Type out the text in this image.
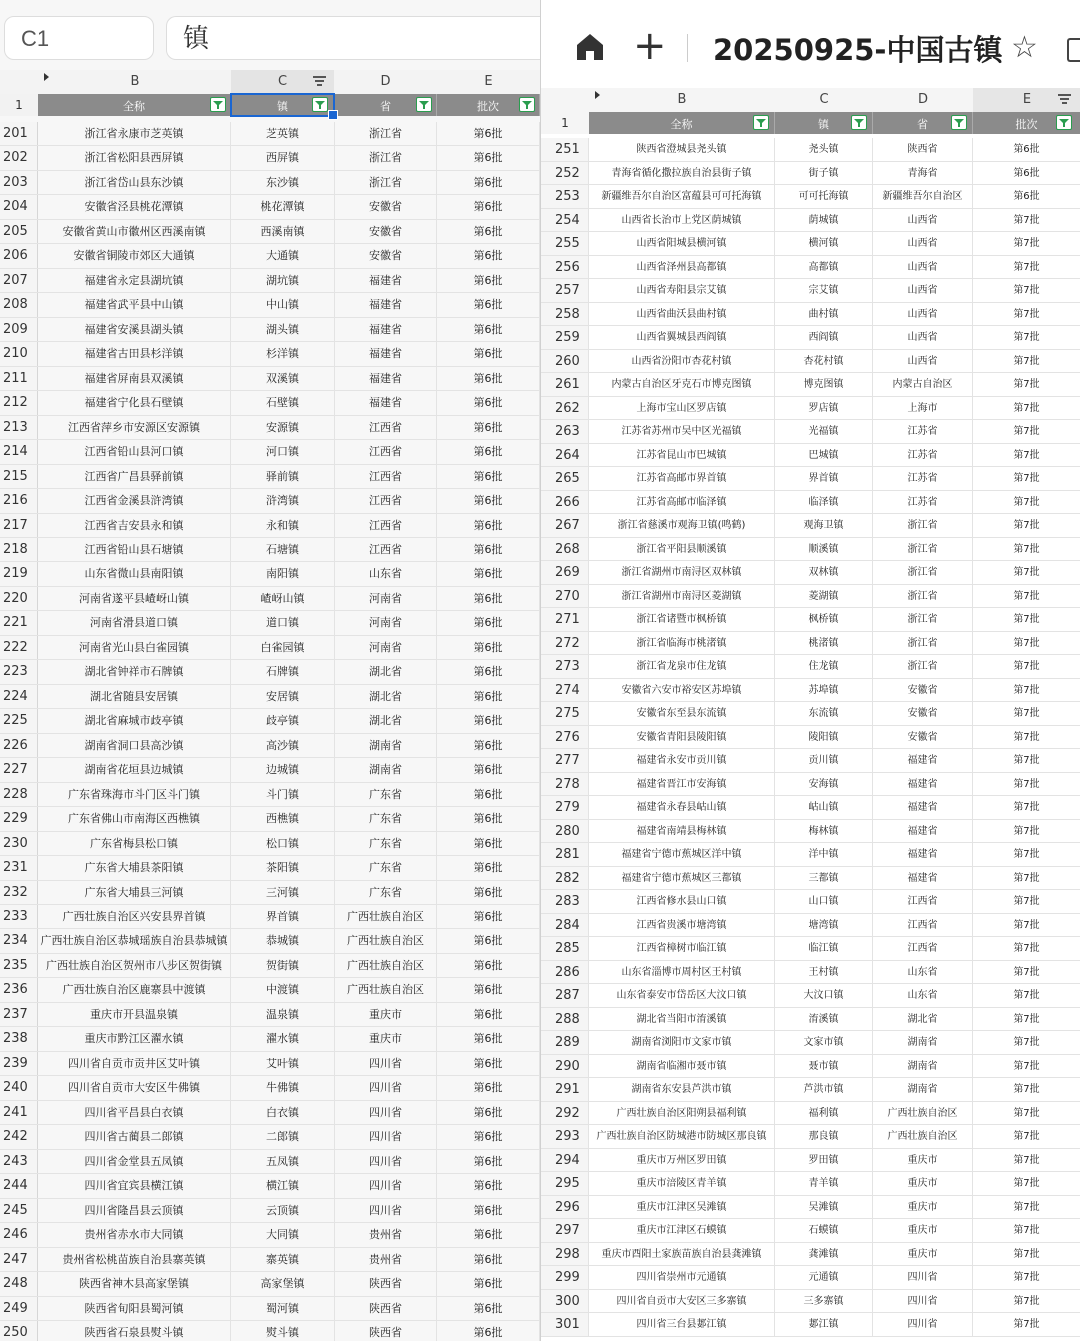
C1	镇
B	C	D	E
1	全称	镇	省	批次
201	浙江省永康市芝英镇	芝英镇	浙江省	第6批
202	浙江省松阳县西屏镇	西屏镇	浙江省	第6批
203	浙江省岱山县东沙镇	东沙镇	浙江省	第6批
204	安徽省泾县桃花潭镇	桃花潭镇	安徽省	第6批
205	安徽省黄山市徽州区西溪南镇	西溪南镇	安徽省	第6批
206	安徽省铜陵市郊区大通镇	大通镇	安徽省	第6批
207	福建省永定县湖坑镇	湖坑镇	福建省	第6批
208	福建省武平县中山镇	中山镇	福建省	第6批
209	福建省安溪县湖头镇	湖头镇	福建省	第6批
210	福建省古田县杉洋镇	杉洋镇	福建省	第6批
211	福建省屏南县双溪镇	双溪镇	福建省	第6批
212	福建省宁化县石壁镇	石壁镇	福建省	第6批
213	江西省萍乡市安源区安源镇	安源镇	江西省	第6批
214	江西省铅山县河口镇	河口镇	江西省	第6批
215	江西省广昌县驿前镇	驿前镇	江西省	第6批
216	江西省金溪县浒湾镇	浒湾镇	江西省	第6批
217	江西省吉安县永和镇	永和镇	江西省	第6批
218	江西省铅山县石塘镇	石塘镇	江西省	第6批
219	山东省微山县南阳镇	南阳镇	山东省	第6批
220	河南省遂平县嵖岈山镇	嵖岈山镇	河南省	第6批
221	河南省滑县道口镇	道口镇	河南省	第6批
222	河南省光山县白雀园镇	白雀园镇	河南省	第6批
223	湖北省钟祥市石牌镇	石牌镇	湖北省	第6批
224	湖北省随县安居镇	安居镇	湖北省	第6批
225	湖北省麻城市歧亭镇	歧亭镇	湖北省	第6批
226	湖南省洞口县高沙镇	高沙镇	湖南省	第6批
227	湖南省花垣县边城镇	边城镇	湖南省	第6批
228	广东省珠海市斗门区斗门镇	斗门镇	广东省	第6批
229	广东省佛山市南海区西樵镇	西樵镇	广东省	第6批
230	广东省梅县松口镇	松口镇	广东省	第6批
231	广东省大埔县茶阳镇	茶阳镇	广东省	第6批
232	广东省大埔县三河镇	三河镇	广东省	第6批
233	广西壮族自治区兴安县界首镇	界首镇	广西壮族自治区	第6批
234	广西壮族自治区恭城瑶族自治县恭城镇	恭城镇	广西壮族自治区	第6批
235	广西壮族自治区贺州市八步区贺街镇	贺街镇	广西壮族自治区	第6批
236	广西壮族自治区鹿寨县中渡镇	中渡镇	广西壮族自治区	第6批
237	重庆市开县温泉镇	温泉镇	重庆市	第6批
238	重庆市黔江区濯水镇	濯水镇	重庆市	第6批
239	四川省自贡市贡井区艾叶镇	艾叶镇	四川省	第6批
240	四川省自贡市大安区牛佛镇	牛佛镇	四川省	第6批
241	四川省平昌县白衣镇	白衣镇	四川省	第6批
242	四川省古蔺县二郎镇	二郎镇	四川省	第6批
243	四川省金堂县五凤镇	五凤镇	四川省	第6批
244	四川省宜宾县横江镇	横江镇	四川省	第6批
245	四川省隆昌县云顶镇	云顶镇	四川省	第6批
246	贵州省赤水市大同镇	大同镇	贵州省	第6批
247	贵州省松桃苗族自治县寨英镇	寨英镇	贵州省	第6批
248	陕西省神木县高家堡镇	高家堡镇	陕西省	第6批
249	陕西省旬阳县蜀河镇	蜀河镇	陕西省	第6批
250	陕西省石泉县熨斗镇	熨斗镇	陕西省	第6批
+ 20250925-中国古镇 ☆
B	C	D	E
1	全称	镇	省	批次
251	陕西省澄城县尧头镇	尧头镇	陕西省	第6批
252	青海省循化撒拉族自治县街子镇	街子镇	青海省	第6批
253	新疆维吾尔自治区富蕴县可可托海镇	可可托海镇	新疆维吾尔自治区	第6批
254	山西省长治市上党区荫城镇	荫城镇	山西省	第7批
255	山西省阳城县横河镇	横河镇	山西省	第7批
256	山西省泽州县高都镇	高都镇	山西省	第7批
257	山西省寿阳县宗艾镇	宗艾镇	山西省	第7批
258	山西省曲沃县曲村镇	曲村镇	山西省	第7批
259	山西省翼城县西阎镇	西阎镇	山西省	第7批
260	山西省汾阳市杏花村镇	杏花村镇	山西省	第7批
261	内蒙古自治区牙克石市博克图镇	博克图镇	内蒙古自治区	第7批
262	上海市宝山区罗店镇	罗店镇	上海市	第7批
263	江苏省苏州市吴中区光福镇	光福镇	江苏省	第7批
264	江苏省昆山市巴城镇	巴城镇	江苏省	第7批
265	江苏省高邮市界首镇	界首镇	江苏省	第7批
266	江苏省高邮市临泽镇	临泽镇	江苏省	第7批
267	浙江省慈溪市观海卫镇(鸣鹤)	观海卫镇	浙江省	第7批
268	浙江省平阳县顺溪镇	顺溪镇	浙江省	第7批
269	浙江省湖州市南浔区双林镇	双林镇	浙江省	第7批
270	浙江省湖州市南浔区菱湖镇	菱湖镇	浙江省	第7批
271	浙江省诸暨市枫桥镇	枫桥镇	浙江省	第7批
272	浙江省临海市桃渚镇	桃渚镇	浙江省	第7批
273	浙江省龙泉市住龙镇	住龙镇	浙江省	第7批
274	安徽省六安市裕安区苏埠镇	苏埠镇	安徽省	第7批
275	安徽省东至县东流镇	东流镇	安徽省	第7批
276	安徽省青阳县陵阳镇	陵阳镇	安徽省	第7批
277	福建省永安市贡川镇	贡川镇	福建省	第7批
278	福建省晋江市安海镇	安海镇	福建省	第7批
279	福建省永春县岵山镇	岵山镇	福建省	第7批
280	福建省南靖县梅林镇	梅林镇	福建省	第7批
281	福建省宁德市蕉城区洋中镇	洋中镇	福建省	第7批
282	福建省宁德市蕉城区三都镇	三都镇	福建省	第7批
283	江西省修水县山口镇	山口镇	江西省	第7批
284	江西省贵溪市塘湾镇	塘湾镇	江西省	第7批
285	江西省樟树市临江镇	临江镇	江西省	第7批
286	山东省淄博市周村区王村镇	王村镇	山东省	第7批
287	山东省泰安市岱岳区大汶口镇	大汶口镇	山东省	第7批
288	湖北省当阳市淯溪镇	淯溪镇	湖北省	第7批
289	湖南省浏阳市文家市镇	文家市镇	湖南省	第7批
290	湖南省临湘市聂市镇	聂市镇	湖南省	第7批
291	湖南省东安县芦洪市镇	芦洪市镇	湖南省	第7批
292	广西壮族自治区阳朔县福利镇	福利镇	广西壮族自治区	第7批
293	广西壮族自治区防城港市防城区那良镇	那良镇	广西壮族自治区	第7批
294	重庆市万州区罗田镇	罗田镇	重庆市	第7批
295	重庆市涪陵区青羊镇	青羊镇	重庆市	第7批
296	重庆市江津区吴滩镇	吴滩镇	重庆市	第7批
297	重庆市江津区石蟆镇	石蟆镇	重庆市	第7批
298	重庆市酉阳土家族苗族自治县龚滩镇	龚滩镇	重庆市	第7批
299	四川省崇州市元通镇	元通镇	四川省	第7批
300	四川省自贡市大安区三多寨镇	三多寨镇	四川省	第7批
301	四川省三台县郪江镇	郪江镇	四川省	第7批
